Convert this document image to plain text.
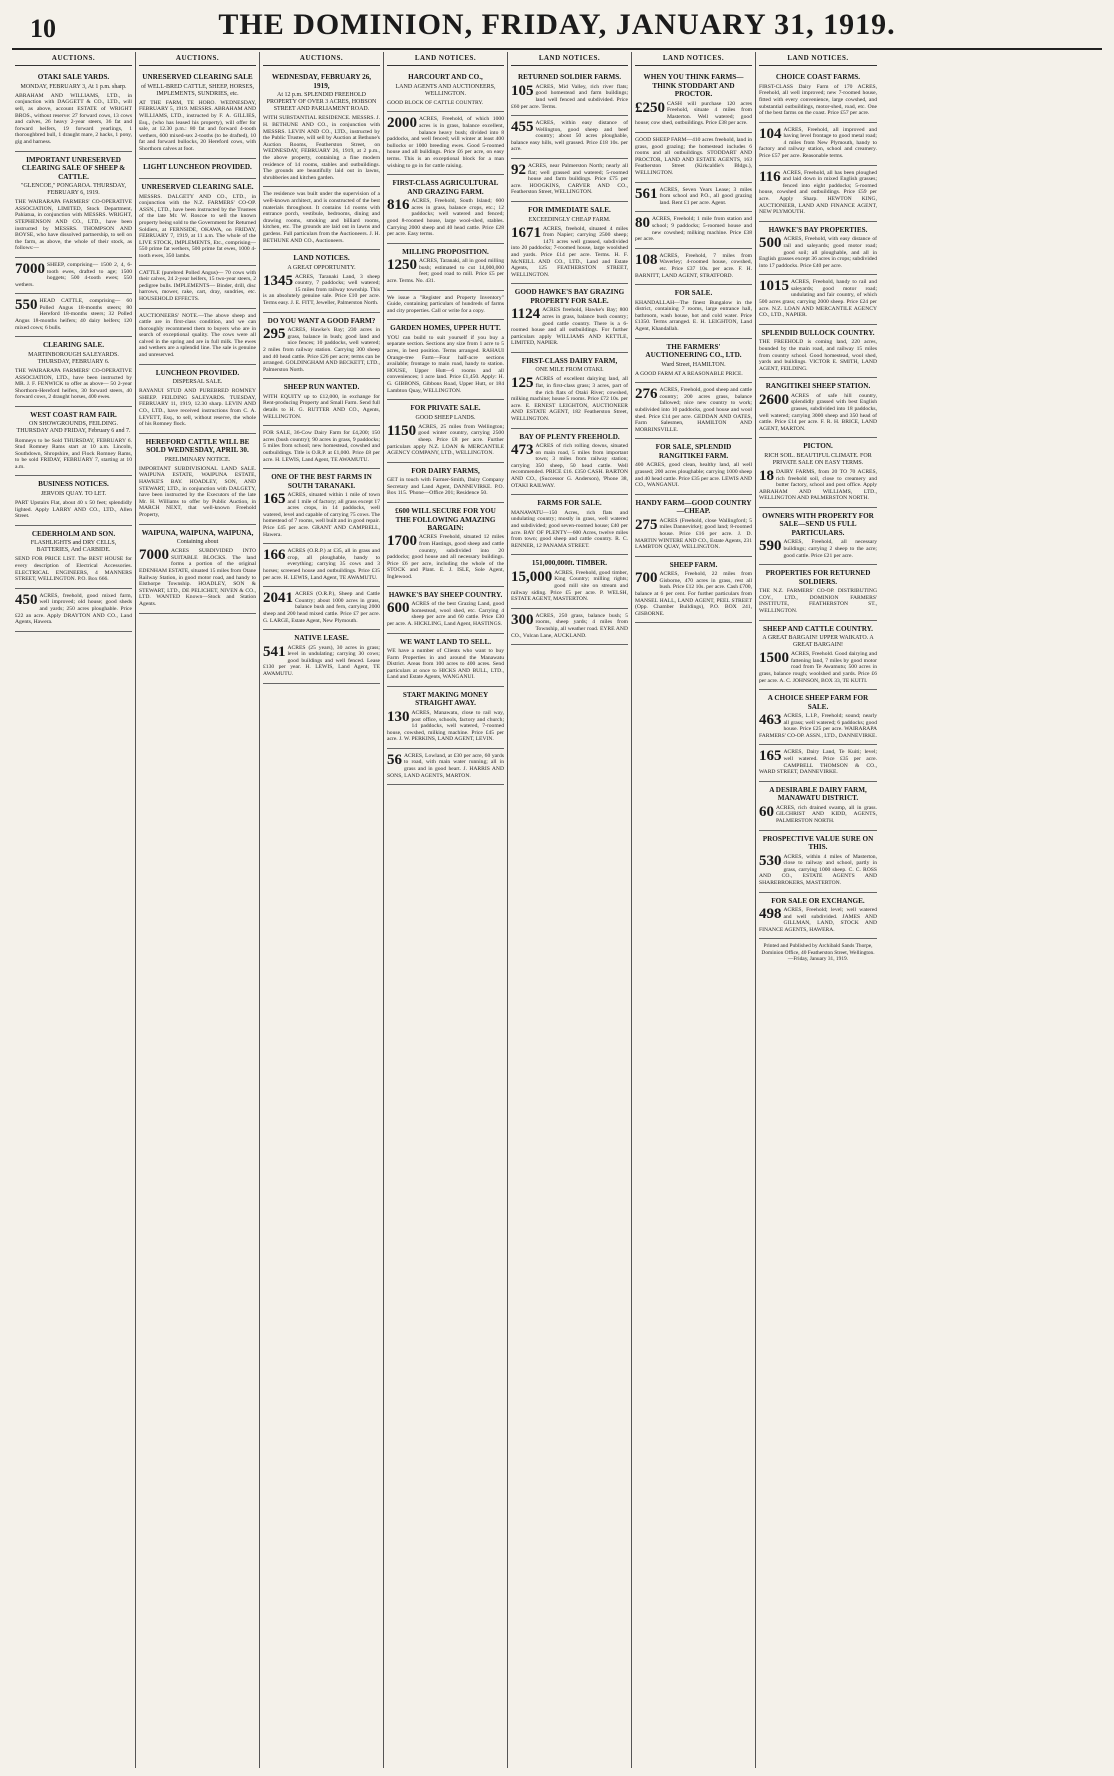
10	THE DOMINION, FRIDAY, JANUARY 31, 1919.
AUCTIONS.
OTAKI SALE YARDS.
MONDAY, FEBRUARY 3, At 1 p.m. sharp.
ABRAHAM AND WILLIAMS, LTD., in conjunction with DAGGETT & CO., LTD., will sell, as above, account ESTATE of WRIGHT BROS., without reserve: 27 forward cows, 13 cows and calves, 26 heavy 2-year steers, 36 fat and forward heifers, 19 forward yearlings, 1 thoroughbred bull, 1 draught mare, 2 hacks, 1 pony, gig and harness.
IMPORTANT UNRESERVED CLEARING SALE OF SHEEP & CATTLE.
"GLENCOE," PONGAROA. THURSDAY, FEBRUARY 6, 1919.
THE WAIRARAPA FARMERS' CO-OPERATIVE ASSOCIATION, LIMITED, Stock Department, Pahiatua, in conjunction with MESSRS. WRIGHT, STEPHENSON AND CO., LTD., have been instructed by MESSRS. THOMPSON AND BOYSE, who have dissolved partnership, to sell on the farm, as above, the whole of their stock, as follows:—
7000 SHEEP, comprising— 1500 2, 4, 6-tooth ewes, drafted to age; 1500 hoggets; 500 4-tooth ewes; 550 wethers.
550 HEAD CATTLE, comprising— 60 Polled Angus 18-months steers; 80 Hereford 18-months steers; 32 Polled Angus 18-months heifers; 40 dairy heifers; 120 mixed cows; 6 bulls.
CLEARING SALE.
MARTINBOROUGH SALEYARDS. THURSDAY, FEBRUARY 6.
THE WAIRARAPA FARMERS' CO-OPERATIVE ASSOCIATION, LTD., have been instructed by MR. J. F. FENWICK to offer as above— 50 2-year Shorthorn-Hereford heifers, 30 forward steers, 40 forward cows, 2 draught horses, 400 ewes.
WEST COAST RAM FAIR.
ON SHOWGROUNDS, FEILDING. THURSDAY AND FRIDAY, February 6 and 7.
Romneys to be Sold THURSDAY, FEBRUARY 6. Stud Romney Rams start at 10 a.m. Lincoln, Southdown, Shropshire, and Flock Romney Rams, to be sold FRIDAY, FEBRUARY 7, starting at 10 a.m.
BUSINESS NOTICES.
JERVOIS QUAY. TO LET.
PART Upstairs Flat, about 40 x 50 feet; splendidly lighted. Apply LARRY AND CO., LTD., Allen Street.
CEDERHOLM AND SON.
FLASHLIGHTS and DRY CELLS, BATTERIES, And CARBIDE.
SEND FOR PRICE LIST. The BEST HOUSE for every description of Electrical Accessories. ELECTRICAL ENGINEERS, 4 MANNERS STREET, WELLINGTON. P.O. Box 666.
450 ACRES, freehold, good mixed farm, well improved; old house; good sheds and yards; 250 acres ploughable. Price £22 an acre. Apply DRAYTON AND CO., Land Agents, Hawera.
AUCTIONS.
UNRESERVED CLEARING SALE
of WELL-BRED CATTLE, SHEEP, HORSES, IMPLEMENTS, SUNDRIES, etc.
AT THE FARM, TE HORO. WEDNESDAY, FEBRUARY 5, 1919. MESSRS. ABRAHAM AND WILLIAMS, LTD., instructed by F. A. GILLIES, Esq., (who has leased his property), will offer for sale, at 12.30 p.m.: 80 fat and forward 4-tooth wethers, 600 mixed-sex 2-tooths (to be drafted), 10 fat and forward bullocks, 20 Hereford cows, with Shorthorn calves at foot.
LIGHT LUNCHEON PROVIDED.
UNRESERVED CLEARING SALE.
MESSRS. DALGETY AND CO., LTD., in conjunction with the N.Z. FARMERS' CO-OP. ASSN., LTD., have been instructed by the Trustees of the late Mr. W. Roscoe to sell the known property being sold to the Government for Returned Soldiers, at FERNSIDE, OKAWA, on FRIDAY, FEBRUARY 7, 1919, at 11 a.m. The whole of the LIVE STOCK, IMPLEMENTS, Etc., comprising— 550 prime fat wethers, 500 prime fat ewes, 1000 4-tooth ewes, 350 lambs.
CATTLE (purebred Polled Angus)— 70 cows with their calves, 24 2-year heifers, 15 two-year steers, 2 pedigree bulls. IMPLEMENTS— Binder, drill, disc harrows, mower, rake, cart, dray, sundries, etc. HOUSEHOLD EFFECTS.
AUCTIONEERS' NOTE.—The above sheep and cattle are in first-class condition, and we can thoroughly recommend them to buyers who are in search of exceptional quality. The cows were all calved in the spring and are in full milk. The ewes and wethers are a splendid line. The sale is genuine and unreserved.
LUNCHEON PROVIDED.
DISPERSAL SALE.
RAYANUI STUD AND PUREBRED ROMNEY SHEEP. FEILDING SALEYARDS. TUESDAY, FEBRUARY 11, 1919, 12.30 sharp. LEVIN AND CO., LTD., have received instructions from C. A. LEVETT, Esq., to sell, without reserve, the whole of his Romney flock.
HEREFORD CATTLE WILL BE SOLD WEDNESDAY, APRIL 30.
PRELIMINARY NOTICE.
IMPORTANT SUBDIVISIONAL LAND SALE. WAIPUNA ESTATE, WAIPUNA ESTATE, HAWKE'S BAY. HOADLEY, SON, AND STEWART, LTD., in conjunction with DALGETY, have been instructed by the Executors of the late Mr. H. Williams to offer by Public Auction, in MARCH NEXT, that well-known Freehold Property,
WAIPUNA, WAIPUNA, WAIPUNA,
Containing about
7000 ACRES SUBDIVIDED INTO SUITABLE BLOCKS. The land forms a portion of the original EDENHAM ESTATE, situated 15 miles from Otane Railway Station, in good motor road, and handy to Elsthorpe Township. HOADLEY, SON & STEWART, LTD., DE PELICHET, NIVEN & CO., LTD. WANTED Known—Stock and Station Agents.
AUCTIONS.
WEDNESDAY, FEBRUARY 26, 1919,
At 12 p.m. SPLENDID FREEHOLD PROPERTY OF OVER 3 ACRES, HOBSON STREET AND PARLIAMENT ROAD.
WITH SUBSTANTIAL RESIDENCE. MESSRS. J. H. BETHUNE AND CO., in conjunction with MESSRS. LEVIN AND CO., LTD., instructed by the Public Trustee, will sell by Auction at Bethune's Auction Rooms, Featherston Street, on WEDNESDAY, FEBRUARY 26, 1919, at 2 p.m., the above property, containing a fine modern residence of 14 rooms, stables and outbuildings. The grounds are beautifully laid out in lawns, shrubberies and kitchen garden.
The residence was built under the supervision of a well-known architect, and is constructed of the best materials throughout. It contains 14 rooms with entrance porch, vestibule, bedrooms, dining and drawing rooms, smoking and billiard rooms, kitchen, etc. The grounds are laid out in lawns and gardens. Full particulars from the Auctioneers. J. H. BETHUNE AND CO., Auctioneers.
LAND NOTICES.
A GREAT OPPORTUNITY.
1345 ACRES, Taranaki Land, 3 sheep country, 7 paddocks; well watered; 15 miles from railway township. This is an absolutely genuine sale. Price £10 per acre. Terms easy. J. E. FITT, Jeweller, Palmerston North.
DO YOU WANT A GOOD FARM?
295 ACRES, Hawke's Bay; 230 acres in grass, balance in bush; good land and nice fences; 10 paddocks, well watered; 2 miles from railway station. Carrying 300 sheep and 40 head cattle. Price £26 per acre; terms can be arranged. GOLDINGHAM AND BECKETT, LTD., Palmerston North.
SHEEP RUN WANTED.
WITH EQUITY up to £12,000, in exchange for Rent-producing Property and Small Farm. Send full details to H. G. RUTTER AND CO., Agents, WELLINGTON.
FOR SALE, 36-Cow Dairy Farm for £4,200; 150 acres (bush country); 90 acres in grass, 9 paddocks; 5 miles from school; new homestead, cowshed and outbuildings. Title is O.R.P. at £1,000. Price £8 per acre. H. LEWIS, Land Agent, TE AWAMUTU.
ONE OF THE BEST FARMS IN SOUTH TARANAKI.
165 ACRES, situated within 1 mile of town and 1 mile of factory; all grass except 17 acres crops, in 14 paddocks, well watered, level and capable of carrying 75 cows. The homestead of 7 rooms, well built and in good repair. Price £45 per acre. GRANT AND CAMPBELL, Hawera.
166 ACRES (O.R.P.) at £35, all in grass and crop, all ploughable, handy to everything; carrying 35 cows and 3 horses; screened house and outbuildings. Price £35 per acre. H. LEWIS, Land Agent, TE AWAMUTU.
2041 ACRES (O.R.P.), Sheep and Cattle Country; about 1000 acres in grass, balance bush and fern, carrying 2000 sheep and 200 head mixed cattle. Price £7 per acre. G. LARGE, Estate Agent, New Plymouth.
NATIVE LEASE.
541 ACRES (25 years), 30 acres in grass; level in undulating; carrying 30 cows; good buildings and well fenced. Lease £130 per year. H. LEWIS, Land Agent, TE AWAMUTU.
LAND NOTICES.
HARCOURT AND CO.,
LAND AGENTS AND AUCTIONEERS, WELLINGTON.
GOOD BLOCK OF CATTLE COUNTRY.
2000 ACRES, Freehold, of which 1000 acres is in grass, balance excellent, balance heavy bush; divided into 8 paddocks, and well fenced; will winter at least 400 bullocks or 1000 breeding ewes. Good 5-roomed house and all buildings. Price £6 per acre, on easy terms. This is an exceptional block for a man wishing to go in for cattle raising.
FIRST-CLASS AGRICULTURAL AND GRAZING FARM.
816 ACRES, Freehold, South Island; 600 acres in grass, balance crops, etc.; 12 paddocks; well watered and fenced; good 8-roomed house, large wool-shed, stables. Carrying 2000 sheep and 40 head cattle. Price £28 per acre. Easy terms.
MILLING PROPOSITION.
1250 ACRES, Taranaki, all in good milling bush; estimated to cut 14,000,000 feet; good road to mill. Price £5 per acre. Terms. No. 431.
We issue a "Register and Property Inventory" Guide, containing particulars of hundreds of farms and city properties. Call or write for a copy.
GARDEN HOMES, UPPER HUTT.
YOU can build to suit yourself if you buy a separate section. Sections any size from 1 acre to 5 acres, in best position. Terms arranged. RAHAUI Orange-tree Farm—Four half-acre sections available; frontage to main road, handy to station. HOUSE, Upper Hutt—6 rooms and all conveniences; 1 acre land. Price £1,450. Apply: H. G. GIBBONS, Gibbons Road, Upper Hutt, or 184 Lambton Quay, WELLINGTON.
FOR PRIVATE SALE.
GOOD SHEEP LANDS.
1150 ACRES, 25 miles from Wellington; good winter country, carrying 2500 sheep. Price £8 per acre. Further particulars apply N.Z. LOAN & MERCANTILE AGENCY COMPANY, LTD., WELLINGTON.
FOR DAIRY FARMS,
GET in touch with Farmer-Smith, Dairy Company Secretary and Land Agent, DANNEVIRKE. P.O. Box 115. 'Phone—Office 201; Residence 50.
£600 WILL SECURE FOR YOU THE FOLLOWING AMAZING BARGAIN:
1700 ACRES Freehold, situated 12 miles from Hastings, good sheep and cattle country, subdivided into 20 paddocks; good house and all necessary buildings. Price £6 per acre, including the whole of the STOCK and Plant. E. J. ISLE, Sole Agent, Inglewood.
HAWKE'S BAY SHEEP COUNTRY.
600 ACRES of the best Grazing Land, good homestead, wool shed, etc. Carrying 4 sheep per acre and 60 cattle. Price £30 per acre. A. HICKLING, Land Agent, HASTINGS.
WE WANT LAND TO SELL.
WE have a number of Clients who want to buy Farm Properties in and around the Manawatu District. Areas from 100 acres to 400 acres. Send particulars at once to HICKS AND BULL, LTD., Land and Estate Agents, WANGANUI.
START MAKING MONEY STRAIGHT AWAY.
130 ACRES, Manawatu, close to rail way, post office, schools, factory and church; 14 paddocks, well watered, 7-roomed house, cowshed, milking machine. Price £45 per acre. J. W. PERKINS, LAND AGENT, LEVIN.
56 ACRES, Lowland, at £30 per acre, 60 yards to road, with main water running; all in grass and in good heart. J. HARRIS AND SONS, LAND AGENTS, MARTON.
LAND NOTICES.
RETURNED SOLDIER FARMS.
105 ACRES, Mid Valley, rich river flats; good homestead and farm buildings; land well fenced and subdivided. Price £60 per acre. Terms.
455 ACRES, within easy distance of Wellington, good sheep and beef country; about 50 acres ploughable, balance easy hills, well grassed. Price £18 10s. per acre.
92 ACRES, near Palmerston North; nearly all flat; well grassed and watered; 5-roomed house and farm buildings. Price £75 per acre. HOOGKINS, CARVER AND CO., Featherston Street, WELLINGTON.
FOR IMMEDIATE SALE.
EXCEEDINGLY CHEAP FARM.
1671 ACRES, freehold, situated 4 miles from Napier; carrying 2500 sheep; 1471 acres well grassed, subdivided into 20 paddocks; 7-roomed house, large woolshed and yards. Price £14 per acre. Terms. H. F. McNEILL AND CO., LTD., Land and Estate Agents, 125 FEATHERSTON STREET, WELLINGTON.
GOOD HAWKE'S BAY GRAZING PROPERTY FOR SALE.
1124 ACRES freehold, Hawke's Bay; 800 acres in grass, balance bush country; good cattle country. There is a 6-roomed house and all outbuildings. For further particulars apply WILLIAMS AND KETTLE, LIMITED, NAPIER.
FIRST-CLASS DAIRY FARM,
ONE MILE FROM OTAKI.
125 ACRES of excellent dairying land, all flat, in first-class grass; 3 acres, part of the rich flats of Otaki River; cowshed, milking machine; house 5 rooms. Price £72 10s. per acre. E. ERNEST LEIGHTON, AUCTIONEER AND ESTATE AGENT, 182 Featherston Street, WELLINGTON.
BAY OF PLENTY FREEHOLD.
473 ACRES of rich rolling downs, situated on main road, 5 miles from important town; 3 miles from railway station; carrying 350 sheep, 50 head cattle. Well recommended. PRICE £16. £350 CASH. BARTON AND CO., (Successor G. Anderson), 'Phone 38, OTAKI RAILWAY.
FARMS FOR SALE.
MANAWATU—150 Acres, rich flats and undulating country; mostly in grass, well watered and subdivided; good seven-roomed house; £40 per acre. BAY OF PLENTY—600 Acres, twelve miles from town; good sheep and cattle country. R. C. RENNER, 12 PANAMA STREET.
151,000,000ft. TIMBER.
15,000 ACRES, Freehold, good timber, King Country; milling rights; good mill site on stream and railway siding. Price £5 per acre. P. WELSH, ESTATE AGENT, MASTERTON.
300 ACRES, 250 grass, balance bush; 5 rooms, sheep yards; 4 miles from Township, all weather road. EYRE AND CO., Vulcan Lane, AUCKLAND.
LAND NOTICES.
WHEN YOU THINK FARMS—THINK STODDART AND PROCTOR.
£250 CASH will purchase 120 acres Freehold, situate 4 miles from Masterton. Well watered; good house; cow shed, outbuildings. Price £38 per acre.
GOOD SHEEP FARM—410 acres freehold, land in grass, good grazing; the homestead includes 6 rooms and all outbuildings. STODDART AND PROCTOR, LAND AND ESTATE AGENTS, 163 Featherston Street (Kirkcaldie's Bldgs.), WELLINGTON.
561 ACRES, Seven Years Lease; 3 miles from school and P.O., all good grazing land. Rent £1 per acre. Agent.
80 ACRES, Freehold; 1 mile from station and school; 9 paddocks; 5-roomed house and new cowshed; milking machine. Price £38 per acre.
108 ACRES, Freehold, 7 miles from Waverley; 4-roomed house, cowshed, etc. Price £37 10s. per acre. F. H. BARNITT, LAND AGENT, STRATFORD.
FOR SALE.
KHANDALLAH—The finest Bungalow in the district, containing 7 rooms, large entrance hall, bathroom, wash house, hot and cold water. Price £1350. Terms arranged. E. H. LEIGHTON, Land Agent, Khandallah.
THE FARMERS' AUCTIONEERING CO., LTD.
Ward Street, HAMILTON.
A GOOD FARM AT A REASONABLE PRICE.
276 ACRES, Freehold, good sheep and cattle country; 200 acres grass, balance fallowed; nice new country to work; subdivided into 10 paddocks, good house and wool shed. Price £14 per acre. GEDDAN AND OATES, Farm Salesmen, HAMILTON AND MORRINSVILLE.
FOR SALE, SPLENDID RANGITIKEI FARM.
400 ACRES, good clean, healthy land, all well grassed; 200 acres ploughable; carrying 1000 sheep and 40 head cattle. Price £35 per acre. LEWIS AND CO., WANGANUI.
HANDY FARM—GOOD COUNTRY—CHEAP.
275 ACRES (Freehold, close Wallingford; 5 miles Dannevirke); good land; 8-roomed house. Price £16 per acre. J. D. MARTIN WINTERE AND CO., Estate Agents, 231 LAMBTON QUAY, WELLINGTON.
SHEEP FARM.
700 ACRES, Freehold, 22 miles from Gisborne, 470 acres in grass, rest all bush. Price £12 10s. per acre. Cash £700, balance at 6 per cent. For further particulars from MANSEL HALL, LAND AGENT, PEEL STREET (Opp. Chamber Buildings), P.O. BOX 241, GISBORNE.
LAND NOTICES.
CHOICE COAST FARMS.
FIRST-CLASS Dairy Farm of 170 ACRES, Freehold, all well improved; new 7-roomed house, fitted with every convenience, large cowshed, and substantial outbuildings, motor-shed, road, etc. One of the best farms on the coast. Price £57 per acre.
104 ACRES, Freehold, all improved and having level frontage to good metal road; 4 miles from New Plymouth, handy to factory and railway station, school and creamery. Price £57 per acre. Reasonable terms.
116 ACRES, Freehold, all has been ploughed and laid down in mixed English grasses; fenced into eight paddocks; 5-roomed house, cowshed and outbuildings. Price £59 per acre. Apply Sharp. HEWTON KING, AUCTIONEER, LAND AND FINANCE AGENT, NEW PLYMOUTH.
HAWKE'S BAY PROPERTIES.
500 ACRES, Freehold, with easy distance of rail and saleyards; good motor road; good soil; all ploughable, and all in English grasses except 36 acres in crops; subdivided into 17 paddocks. Price £40 per acre.
1015 ACRES, Freehold, handy to rail and saleyards; good motor road; undulating and fair country, of which 500 acres grass; carrying 2000 sheep. Price £24 per acre. N.Z. LOAN AND MERCANTILE AGENCY CO., LTD., NAPIER.
SPLENDID BULLOCK COUNTRY.
THE FREEHOLD is coming land, 220 acres, bounded by the main road, and railway 15 miles from country school. Good homestead, wool shed, yards and buildings. VICTOR E. SMITH, LAND AGENT, FEILDING.
RANGITIKEI SHEEP STATION.
2600 ACRES of safe hill country, splendidly grassed with best English grasses, subdivided into 18 paddocks, well watered; carrying 3000 sheep and 350 head of cattle. Price £14 per acre. F. R. H. BRICE, LAND AGENT, MARTON.
PICTON.
RICH SOIL. BEAUTIFUL CLIMATE. FOR PRIVATE SALE ON EASY TERMS.
18 DAIRY FARMS, from 20 TO 70 ACRES, rich freehold soil, close to creamery and butter factory, school and post office. Apply ABRAHAM AND WILLIAMS, LTD., WELLINGTON AND PALMERSTON NORTH.
OWNERS WITH PROPERTY FOR SALE—SEND US FULL PARTICULARS.
590 ACRES, Freehold, all necessary buildings; carrying 2 sheep to the acre; good cattle. Price £21 per acre.
PROPERTIES FOR RETURNED SOLDIERS.
THE N.Z. FARMERS' CO-OP. DISTRIBUTING COY., LTD., DOMINION FARMERS' INSTITUTE, FEATHERSTON ST., WELLINGTON.
SHEEP AND CATTLE COUNTRY.
A GREAT BARGAIN! UPPER WAIKATO. A GREAT BARGAIN!
1500 ACRES, Freehold. Good dairying and fattening land, 7 miles by good motor road from Te Awamutu; 500 acres in grass, balance rough; woolshed and yards. Price £6 per acre. A. C. JOHNSON, BOX 33, TE KUITI.
A CHOICE SHEEP FARM FOR SALE.
463 ACRES, L.I.P., Freehold; sound; nearly all grass; well watered; 6 paddocks; good house. Price £25 per acre. WAIRARAPA FARMERS' CO-OP. ASSN., LTD., DANNEVIRKE.
165 ACRES, Dairy Land, Te Kuiti; level; well watered. Price £35 per acre. CAMPBELL THOMSON & CO., WARD STREET, DANNEVIRKE.
A DESIRABLE DAIRY FARM, MANAWATU DISTRICT.
60 ACRES, rich drained swamp, all in grass. GILCHRIST AND KIDD, AGENTS, PALMERSTON NORTH.
PROSPECTIVE VALUE SURE ON THIS.
530 ACRES, within 4 miles of Masterton, close to railway and school, partly in grass, carrying 1000 sheep. C. C. ROSS AND CO., ESTATE AGENTS AND SHAREBROKERS, MASTERTON.
FOR SALE OR EXCHANGE.
498 ACRES, Freehold; level; well watered and well subdivided. JAMES AND GILLMAN, LAND, STOCK AND FINANCE AGENTS, HAWERA.
Printed and Published by Archibald Sands Thorpe, Dominion Office, 40 Featherston Street, Wellington.—Friday, January 31, 1919.
